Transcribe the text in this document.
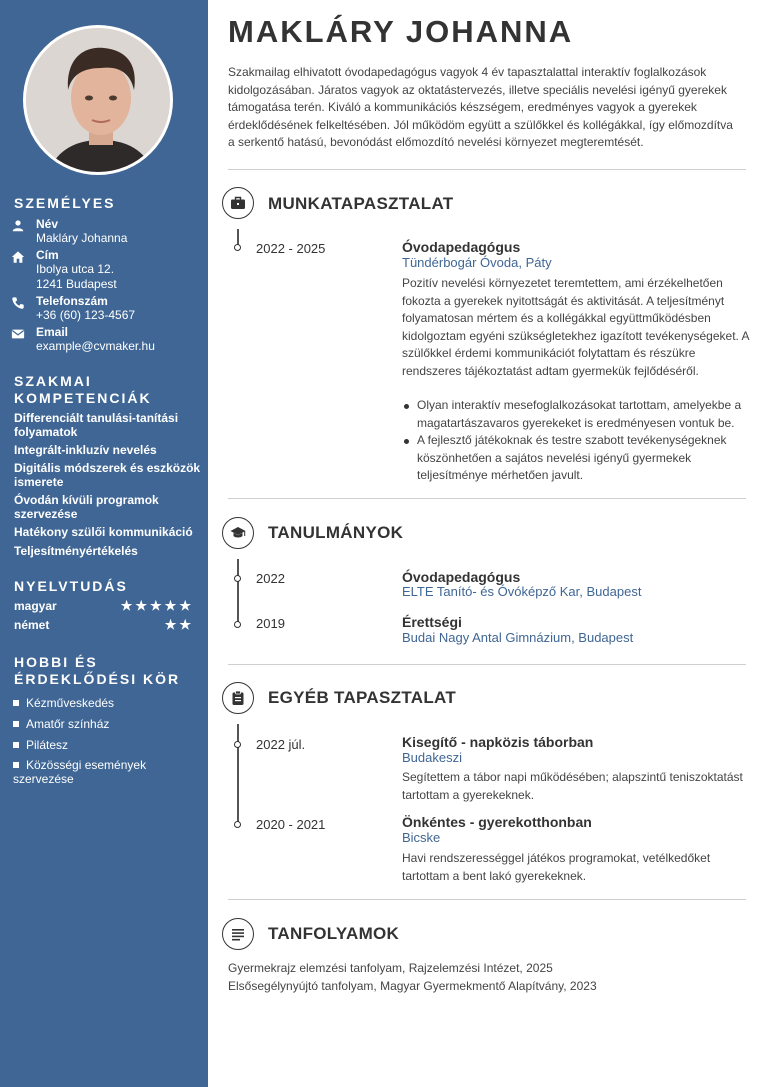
SZEMÉLYES
Név
Makláry Johanna
Cím
Ibolya utca 12.
1241 Budapest
Telefonszám
+36 (60) 123-4567
Email
example@cvmaker.hu
SZAKMAI
KOMPETENCIÁK
Differenciált tanulási-tanítási folyamatok
Integrált-inkluzív nevelés
Digitális módszerek és eszközök ismerete
Óvodán kívüli programok szervezése
Hatékony szülői kommunikáció
Teljesítményértékelés
NYELVTUDÁS
magyar	★★★★★
német	★★
HOBBI ÉS
ÉRDEKLŐDÉSI KÖR
Kézműveskedés
Amatőr színház
Pilátesz
Közösségi események szervezése
MAKLÁRY JOHANNA
Szakmailag elhivatott óvodapedagógus vagyok 4 év tapasztalattal interaktív foglalkozások kidolgozásában. Járatos vagyok az oktatástervezés, illetve speciális nevelési igényű gyerekek támogatása terén. Kiváló a kommunikációs készségem, eredményes vagyok a gyerekek érdeklődésének felkeltésében. Jól működöm együtt a szülőkkel és kollégákkal, így előmozdítva a serkentő hatású, bevonódást előmozdító nevelési környezet megteremtését.
MUNKATAPASZTALAT
2022 - 2025	Óvodapedagógus
Tündérbogár Óvoda, Páty
Pozitív nevelési környezetet teremtettem, ami érzékelhetően fokozta a gyerekek nyitottságát és aktivitását. A teljesítményt folyamatosan mértem és a kollégákkal együttműködésben kidolgoztam egyéni szükségletekhez igazított tevékenységeket. A szülőkkel érdemi kommunikációt folytattam és részükre rendszeres tájékoztatást adtam gyermekük fejlődéséről.
Olyan interaktív mesefoglalkozásokat tartottam, amelyekbe a magatartászavaros gyerekeket is eredményesen vontuk be.
A fejlesztő játékoknak és testre szabott tevékenységeknek köszönhetően a sajátos nevelési igényű gyermekek teljesítménye mérhetően javult.
TANULMÁNYOK
2022	Óvodapedagógus
ELTE Tanító- és Óvóképző Kar, Budapest
2019	Érettségi
Budai Nagy Antal Gimnázium, Budapest
EGYÉB TAPASZTALAT
2022 júl.	Kisegítő - napközis táborban
Budakeszi
Segítettem a tábor napi működésében; alapszintű teniszoktatást tartottam a gyerekeknek.
2020 - 2021	Önkéntes - gyerekotthonban
Bicske
Havi rendszerességgel játékos programokat, vetélkedőket tartottam a bent lakó gyerekeknek.
TANFOLYAMOK
Gyermekrajz elemzési tanfolyam, Rajzelemzési Intézet, 2025
Elsősegélynyújtó tanfolyam, Magyar Gyermekmentő Alapítvány, 2023
